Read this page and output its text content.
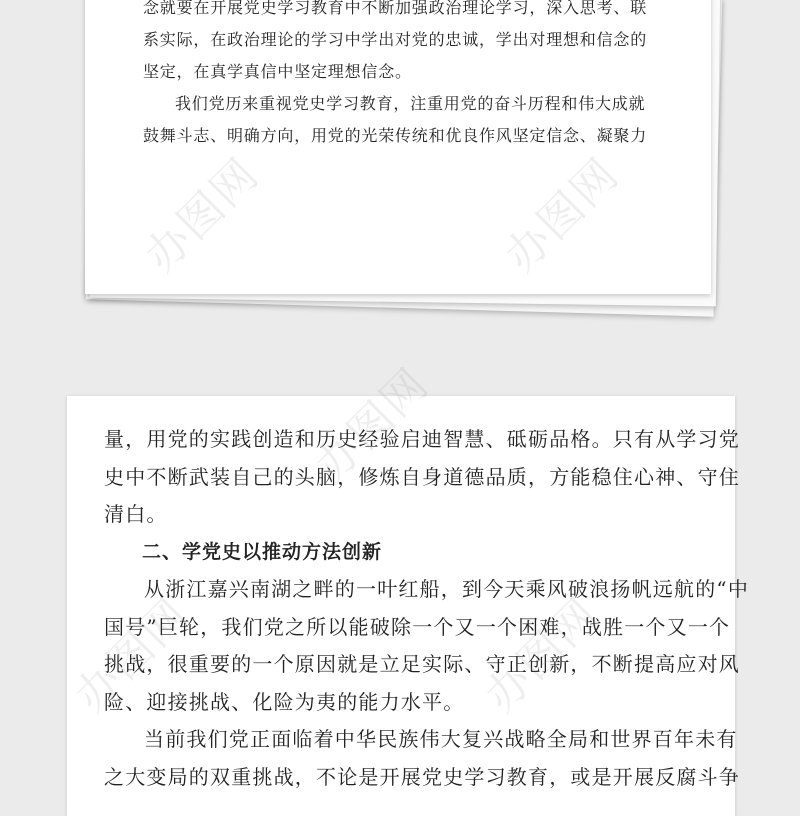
念就要在开展党史学习教育中不断加强政治理论学习，深入思考、联
系实际，在政治理论的学习中学出对党的忠诚，学出对理想和信念的
坚定，在真学真信中坚定理想信念。

我们党历来重视党史学习教育，注重用党的奋斗历程和伟大成就
鼓舞斗志、明确方向，用党的光荣传统和优良作风坚定信念、凝聚力

量，用党的实践创造和历史经验启迪智慧、砥砺品格。只有从学习党
史中不断武装自己的头脑，修炼自身道德品质，方能稳住心神、守住
清白。

二、学党史以推动方法创新

从浙江嘉兴南湖之畔的一叶红船，到今天乘风破浪扬帆远航的“中
国号”巨轮，我们党之所以能破除一个又一个困难，战胜一个又一个
挑战，很重要的一个原因就是立足实际、守正创新，不断提高应对风
险、迎接挑战、化险为夷的能力水平。

当前我们党正面临着中华民族伟大复兴战略全局和世界百年未有
之大变局的双重挑战，不论是开展党史学习教育，或是开展反腐斗争
